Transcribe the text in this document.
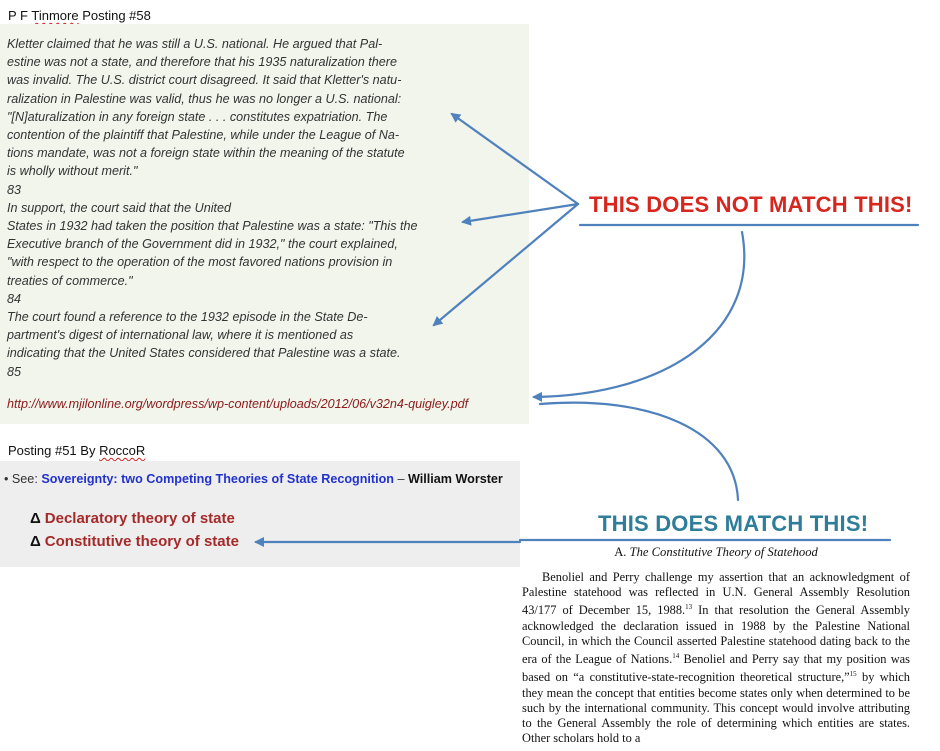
P F Tinmore Posting #58
Kletter claimed that he was still a U.S. national. He argued that Pal-
estine was not a state, and therefore that his 1935 naturalization there
was invalid. The U.S. district court disagreed. It said that Kletter's natu-
ralization in Palestine was valid, thus he was no longer a U.S. national:
"[N]aturalization in any foreign state . . . constitutes expatriation. The
contention of the plaintiff that Palestine, while under the League of Na-
tions mandate, was not a foreign state within the meaning of the statute
is wholly without merit."
83
In support, the court said that the United
States in 1932 had taken the position that Palestine was a state: "This the
Executive branch of the Government did in 1932," the court explained,
"with respect to the operation of the most favored nations provision in
treaties of commerce."
84
The court found a reference to the 1932 episode in the State De-
partment's digest of international law, where it is mentioned as
indicating that the United States considered that Palestine was a state.
85
http://www.mjilonline.org/wordpress/wp-content/uploads/2012/06/v32n4-quigley.pdf
Posting #51 By RoccoR
• See: Sovereignty: two Competing Theories of State Recognition – William Worster
Δ Declaratory theory of state
Δ Constitutive theory of state
THIS DOES NOT MATCH THIS!
THIS DOES MATCH THIS!
A. The Constitutive Theory of Statehood
Benoliel and Perry challenge my assertion that an acknowledgment of Palestine statehood was reflected in U.N. General Assembly Resolution 43/177 of December 15, 1988.13 In that resolution the General Assembly acknowledged the declaration issued in 1988 by the Palestine National Council, in which the Council asserted Palestine statehood dating back to the era of the League of Nations.$^{14}$ Benoliel and Perry say that my position was based on “a constitutive-state-recognition theoretical structure,”$^{15}$ by which they mean the concept that entities become states only when determined to be such by the international community. This concept would involve attributing to the General Assembly the role of determining which entities are states. Other scholars hold to a
